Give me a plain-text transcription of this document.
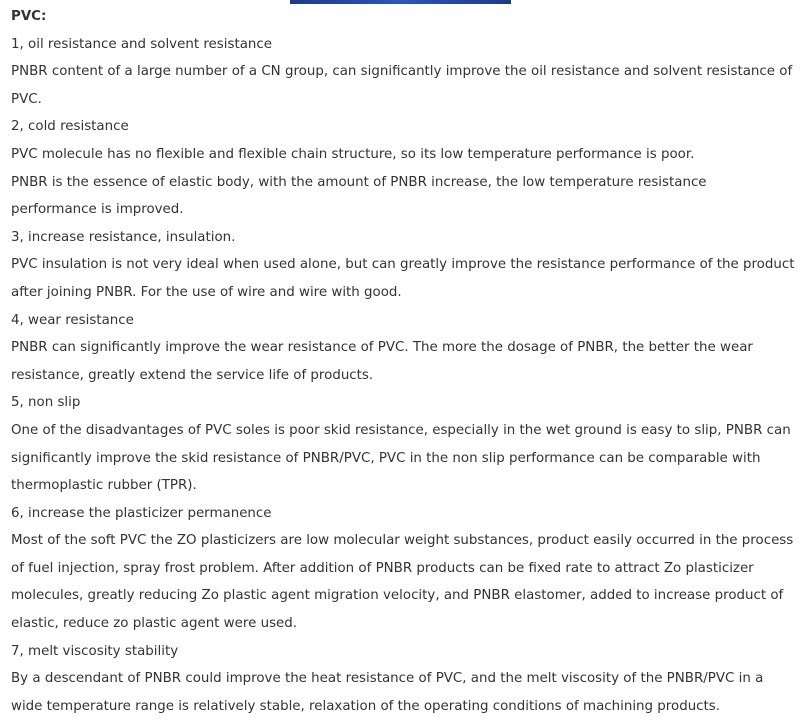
PVC:
1, oil resistance and solvent resistance
PNBR content of a large number of a CN group, can significantly improve the oil resistance and solvent resistance of
PVC.
2, cold resistance
PVC molecule has no flexible and flexible chain structure, so its low temperature performance is poor.
PNBR is the essence of elastic body, with the amount of PNBR increase, the low temperature resistance
performance is improved.
3, increase resistance, insulation.
PVC insulation is not very ideal when used alone, but can greatly improve the resistance performance of the product
after joining PNBR. For the use of wire and wire with good.
4, wear resistance
PNBR can significantly improve the wear resistance of PVC. The more the dosage of PNBR, the better the wear
resistance, greatly extend the service life of products.
5, non slip
One of the disadvantages of PVC soles is poor skid resistance, especially in the wet ground is easy to slip, PNBR can
significantly improve the skid resistance of PNBR/PVC, PVC in the non slip performance can be comparable with
thermoplastic rubber (TPR).
6, increase the plasticizer permanence
Most of the soft PVC the ZO plasticizers are low molecular weight substances, product easily occurred in the process
of fuel injection, spray frost problem. After addition of PNBR products can be fixed rate to attract Zo plasticizer
molecules, greatly reducing Zo plastic agent migration velocity, and PNBR elastomer, added to increase product of
elastic, reduce zo plastic agent were used.
7, melt viscosity stability
By a descendant of PNBR could improve the heat resistance of PVC, and the melt viscosity of the PNBR/PVC in a
wide temperature range is relatively stable, relaxation of the operating conditions of machining products.
